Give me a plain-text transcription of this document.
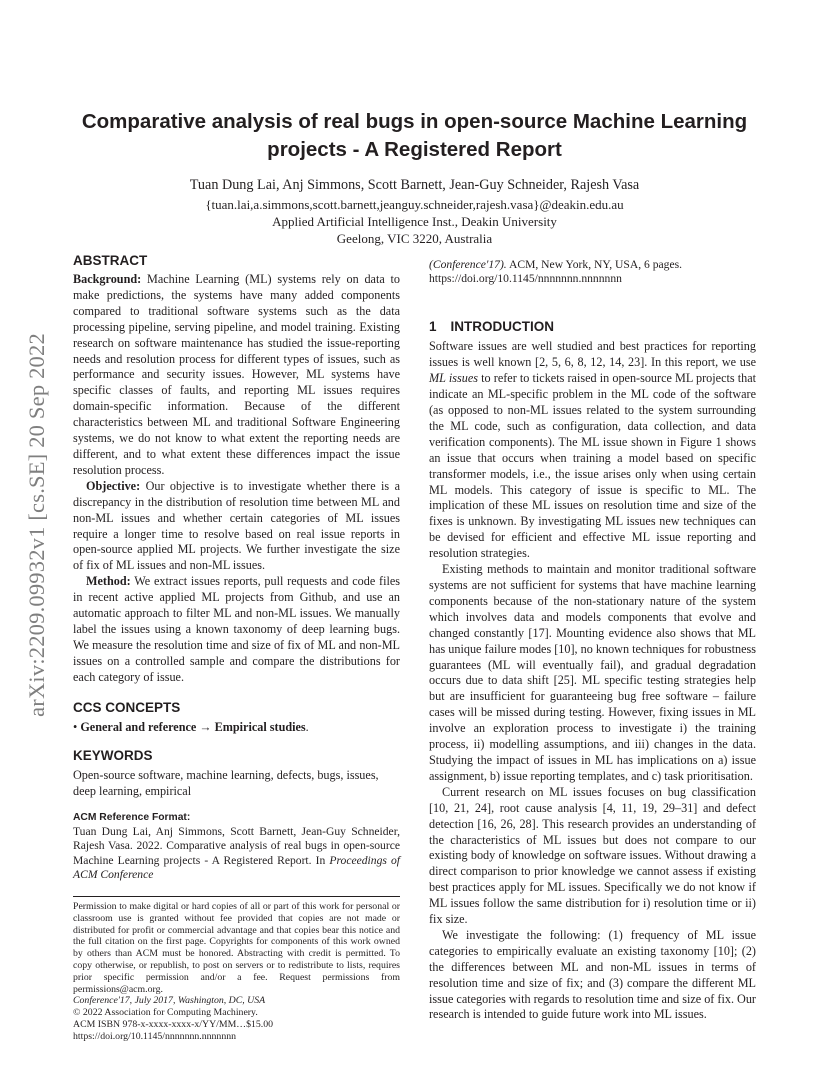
arXiv:2209.09932v1 [cs.SE] 20 Sep 2022
Comparative analysis of real bugs in open-source Machine Learning projects - A Registered Report
Tuan Dung Lai, Anj Simmons, Scott Barnett, Jean-Guy Schneider, Rajesh Vasa
{tuan.lai,a.simmons,scott.barnett,jeanguy.schneider,rajesh.vasa}@deakin.edu.au
Applied Artificial Intelligence Inst., Deakin University
Geelong, VIC 3220, Australia
ABSTRACT

Background: Machine Learning (ML) systems rely on data to make predictions, the systems have many added components compared to traditional software systems such as the data processing pipeline, serving pipeline, and model training. Existing research on software maintenance has studied the issue-reporting needs and resolution process for different types of issues, such as performance and security issues. However, ML systems have specific classes of faults, and reporting ML issues requires domain-specific information. Because of the different characteristics between ML and traditional Software Engineering systems, we do not know to what extent the reporting needs are different, and to what extent these differences impact the issue resolution process.

Objective: Our objective is to investigate whether there is a discrepancy in the distribution of resolution time between ML and non-ML issues and whether certain categories of ML issues require a longer time to resolve based on real issue reports in open-source applied ML projects. We further investigate the size of fix of ML issues and non-ML issues.

Method: We extract issues reports, pull requests and code files in recent active applied ML projects from Github, and use an automatic approach to filter ML and non-ML issues. We manually label the issues using a known taxonomy of deep learning bugs. We measure the resolution time and size of fix of ML and non-ML issues on a controlled sample and compare the distributions for each category of issue.

CCS CONCEPTS

• General and reference → Empirical studies.

KEYWORDS

Open-source software, machine learning, defects, bugs, issues, deep learning, empirical

ACM Reference Format:

Tuan Dung Lai, Anj Simmons, Scott Barnett, Jean-Guy Schneider, Rajesh Vasa. 2022. Comparative analysis of real bugs in open-source Machine Learning projects - A Registered Report. In Proceedings of ACM Conference

Permission to make digital or hard copies of all or part of this work for personal or classroom use is granted without fee provided that copies are not made or distributed for profit or commercial advantage and that copies bear this notice and the full citation on the first page. Copyrights for components of this work owned by others than ACM must be honored. Abstracting with credit is permitted. To copy otherwise, or republish, to post on servers or to redistribute to lists, requires prior specific permission and/or a fee. Request permissions from permissions@acm.org.

Conference'17, July 2017, Washington, DC, USA
© 2022 Association for Computing Machinery.
ACM ISBN 978-x-xxxx-xxxx-x/YY/MM…$15.00
https://doi.org/10.1145/nnnnnnn.nnnnnnn

(Conference'17). ACM, New York, NY, USA, 6 pages. https://doi.org/10.1145/nnnnnnn.nnnnnnn

1 INTRODUCTION

Software issues are well studied and best practices for reporting issues is well known [2, 5, 6, 8, 12, 14, 23]. In this report, we use ML issues to refer to tickets raised in open-source ML projects that indicate an ML-specific problem in the ML code of the software (as opposed to non-ML issues related to the system surrounding the ML code, such as configuration, data collection, and data verification components). The ML issue shown in Figure 1 shows an issue that occurs when training a model based on specific transformer models, i.e., the issue arises only when using certain ML models. This category of issue is specific to ML. The implication of these ML issues on resolution time and size of the fixes is unknown. By investigating ML issues new techniques can be devised for efficient and effective ML issue reporting and resolution strategies.

Existing methods to maintain and monitor traditional software systems are not sufficient for systems that have machine learning components because of the non-stationary nature of the system which involves data and models components that evolve and changed constantly [17]. Mounting evidence also shows that ML has unique failure modes [10], no known techniques for robustness guarantees (ML will eventually fail), and gradual degradation occurs due to data shift [25]. ML specific testing strategies help but are insufficient for guaranteeing bug free software – failure cases will be missed during testing. However, fixing issues in ML involve an exploration process to investigate i) the training process, ii) modelling assumptions, and iii) changes in the data. Studying the impact of issues in ML has implications on a) issue assignment, b) issue reporting templates, and c) task prioritisation.

Current research on ML issues focuses on bug classification [10, 21, 24], root cause analysis [4, 11, 19, 29–31] and defect detection [16, 26, 28]. This research provides an understanding of the characteristics of ML issues but does not compare to our existing body of knowledge on software issues. Without drawing a direct comparison to prior knowledge we cannot assess if existing best practices apply for ML issues. Specifically we do not know if ML issues follow the same distribution for i) resolution time or ii) fix size.

We investigate the following: (1) frequency of ML issue categories to empirically evaluate an existing taxonomy [10]; (2) the differences between ML and non-ML issues in terms of resolution time and size of fix; and (3) compare the different ML issue categories with regards to resolution time and size of fix. Our research is intended to guide future work into ML issues.
